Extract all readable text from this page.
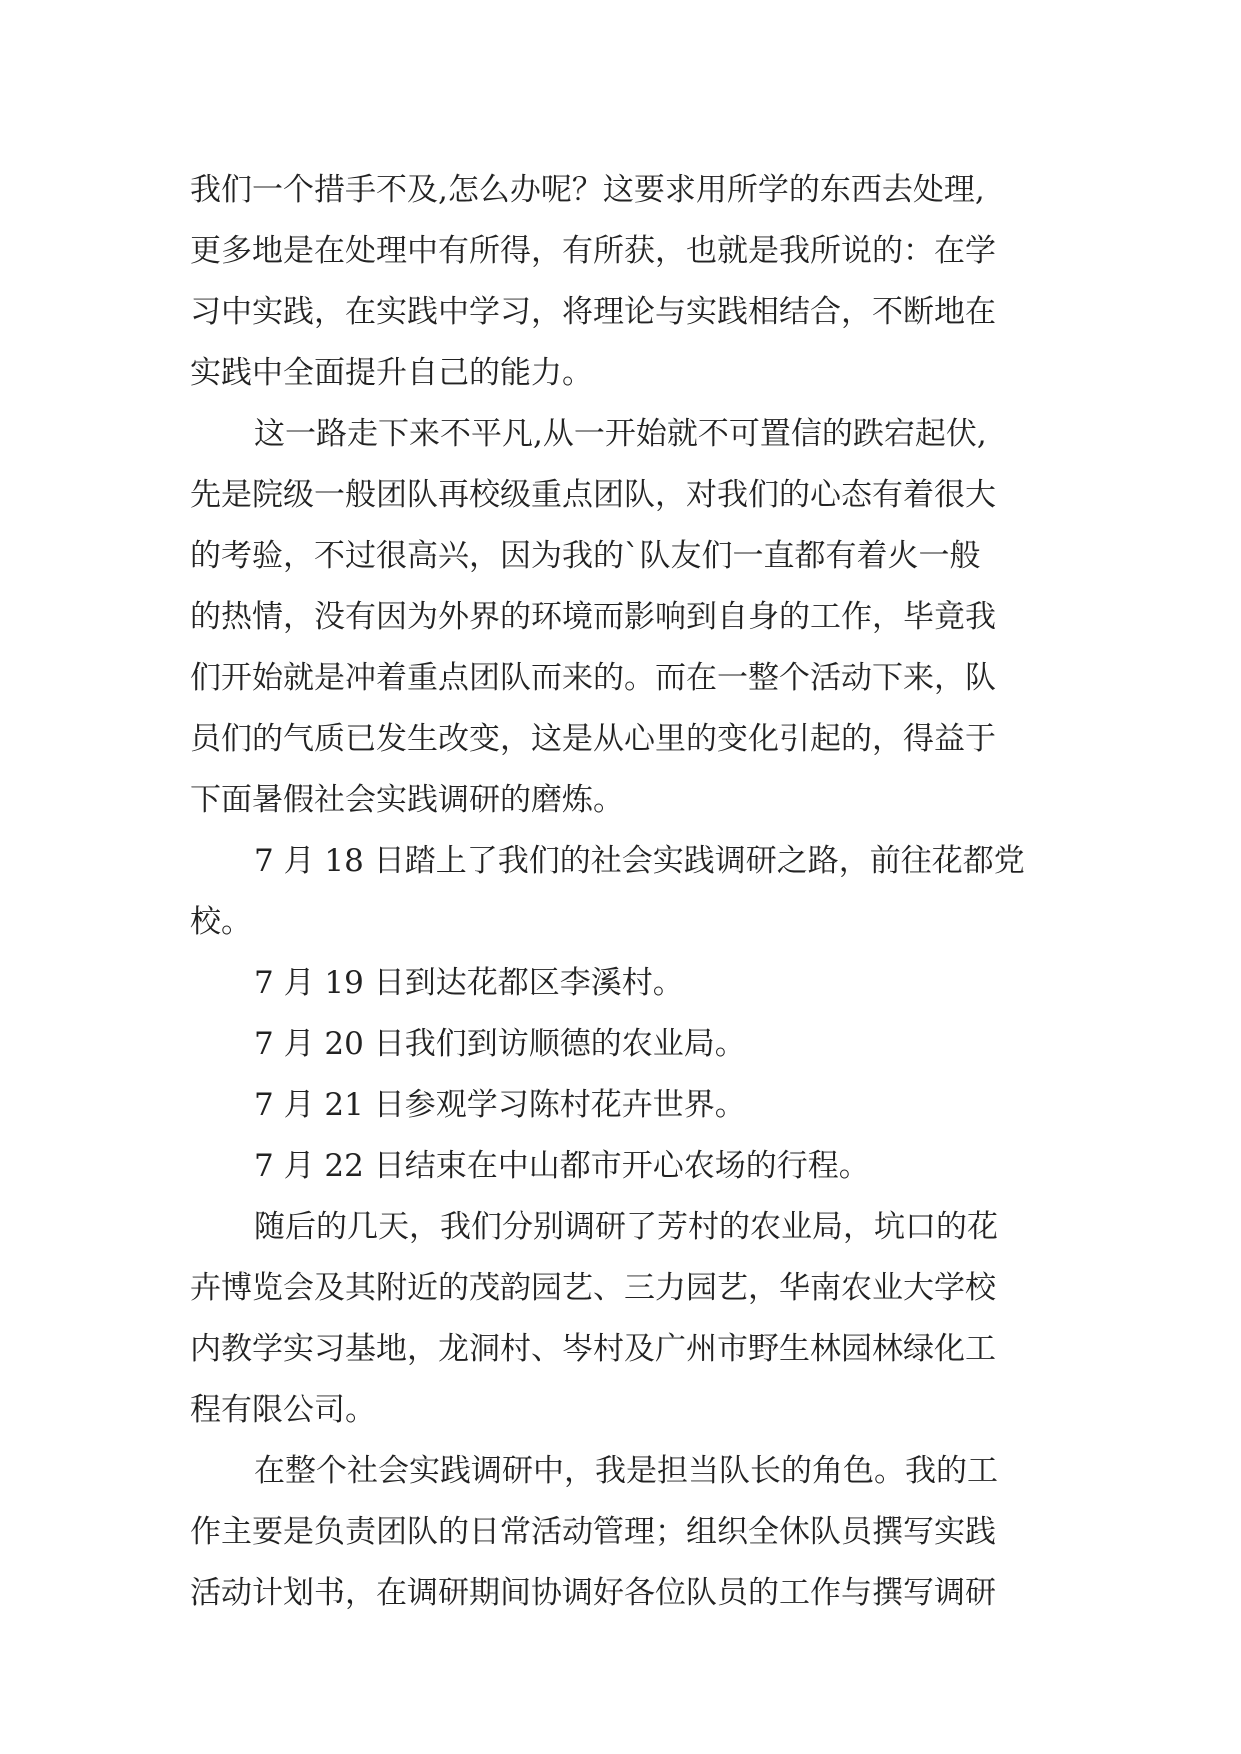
我们一个措手不及,怎么办呢？这要求用所学的东西去处理,
更多地是在处理中有所得，有所获，也就是我所说的：在学
习中实践，在实践中学习，将理论与实践相结合，不断地在
实践中全面提升自己的能力。
这一路走下来不平凡,从一开始就不可置信的跌宕起伏,
先是院级一般团队再校级重点团队，对我们的心态有着很大
的考验，不过很高兴，因为我的`队友们一直都有着火一般
的热情，没有因为外界的环境而影响到自身的工作，毕竟我
们开始就是冲着重点团队而来的。而在一整个活动下来，队
员们的气质已发生改变，这是从心里的变化引起的，得益于
下面暑假社会实践调研的磨炼。
7 月 18 日踏上了我们的社会实践调研之路，前往花都党
校。
7 月 19 日到达花都区李溪村。
7 月 20 日我们到访顺德的农业局。
7 月 21 日参观学习陈村花卉世界。
7 月 22 日结束在中山都市开心农场的行程。
随后的几天，我们分别调研了芳村的农业局，坑口的花
卉博览会及其附近的茂韵园艺、三力园艺，华南农业大学校
内教学实习基地，龙洞村、岑村及广州市野生林园林绿化工
程有限公司。
在整个社会实践调研中，我是担当队长的角色。我的工
作主要是负责团队的日常活动管理；组织全休队员撰写实践
活动计划书，在调研期间协调好各位队员的工作与撰写调研
